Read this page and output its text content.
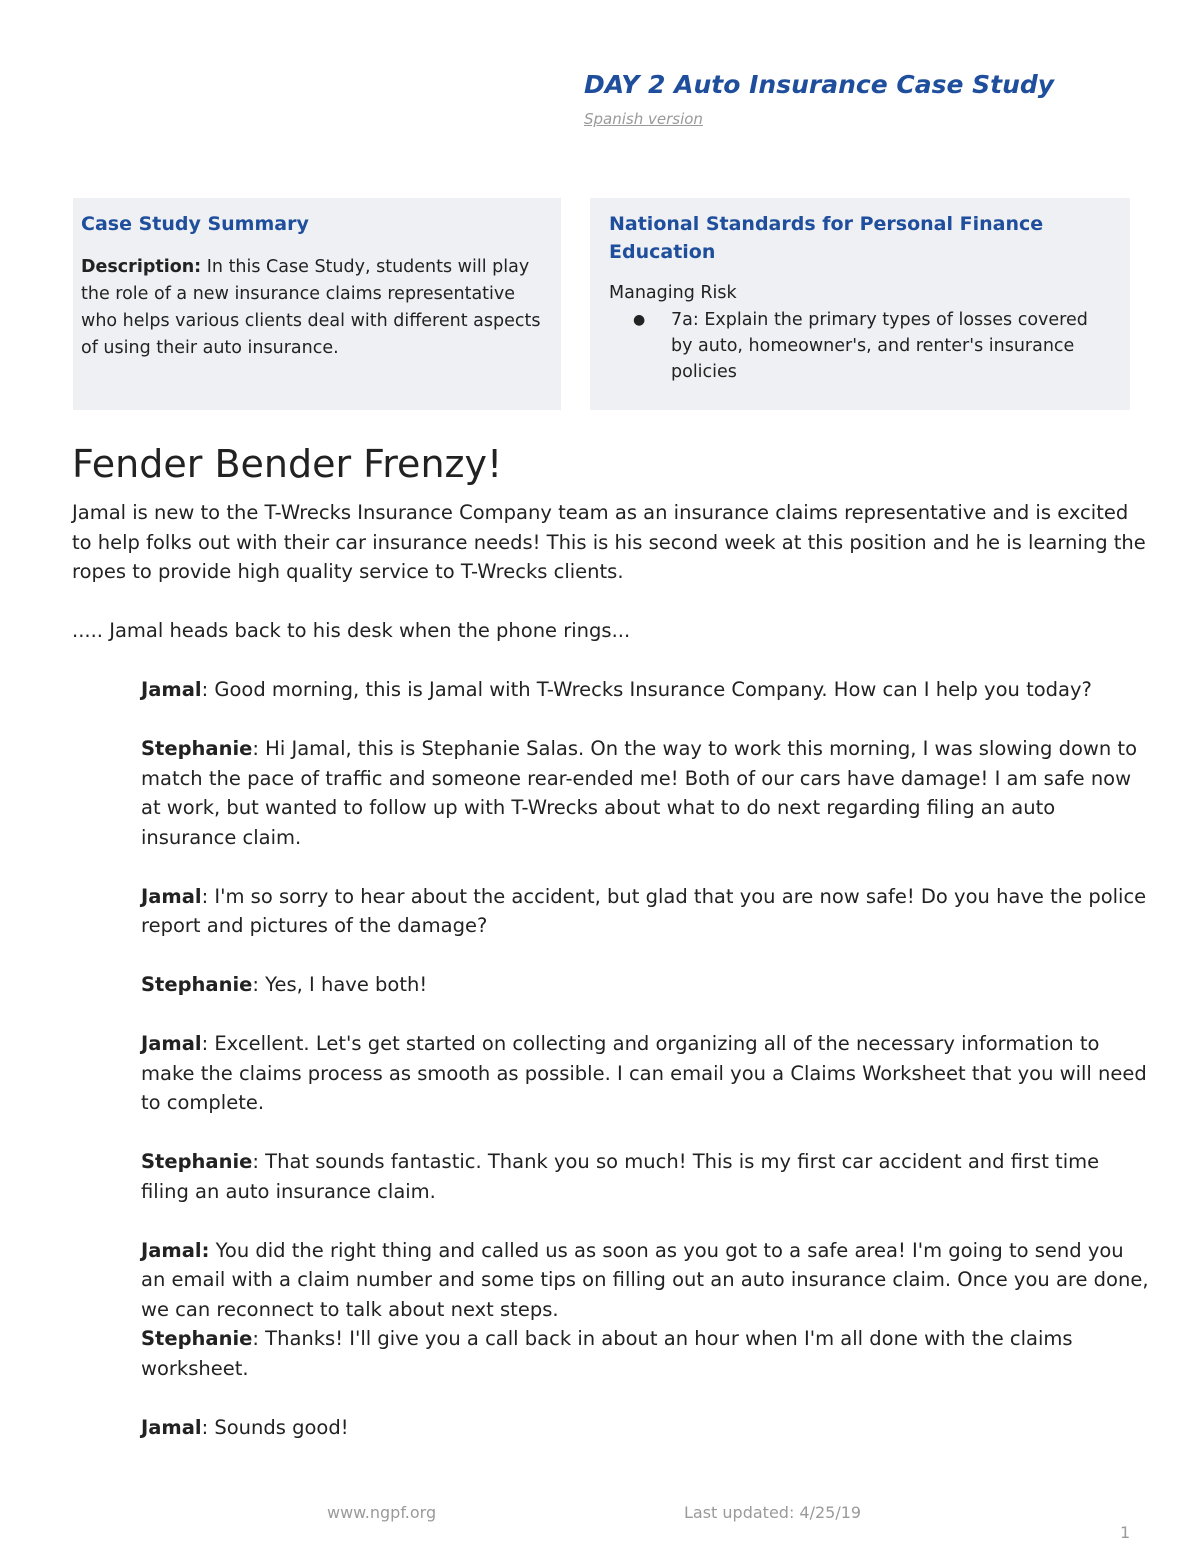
DAY 2 Auto Insurance Case Study
Spanish version
Case Study Summary

Description: In this Case Study, students will play the role of a new insurance claims representative who helps various clients deal with different aspects of using their auto insurance.

National Standards for Personal Finance Education

Managing Risk

● 7a: Explain the primary types of losses covered by auto, homeowner's, and renter's insurance policies
Fender Bender Frenzy!

Jamal is new to the T-Wrecks Insurance Company team as an insurance claims representative and is excited to help folks out with their car insurance needs! This is his second week at this position and he is learning the ropes to provide high quality service to T-Wrecks clients.

..... Jamal heads back to his desk when the phone rings...

Jamal: Good morning, this is Jamal with T-Wrecks Insurance Company. How can I help you today?

Stephanie: Hi Jamal, this is Stephanie Salas. On the way to work this morning, I was slowing down to match the pace of traffic and someone rear-ended me! Both of our cars have damage! I am safe now at work, but wanted to follow up with T-Wrecks about what to do next regarding filing an auto insurance claim.

Jamal: I'm so sorry to hear about the accident, but glad that you are now safe! Do you have the police report and pictures of the damage?

Stephanie: Yes, I have both!

Jamal: Excellent. Let's get started on collecting and organizing all of the necessary information to make the claims process as smooth as possible. I can email you a Claims Worksheet that you will need to complete.

Stephanie: That sounds fantastic. Thank you so much! This is my first car accident and first time filing an auto insurance claim.

Jamal: You did the right thing and called us as soon as you got to a safe area! I'm going to send you an email with a claim number and some tips on filling out an auto insurance claim. Once you are done, we can reconnect to talk about next steps.

Stephanie: Thanks! I'll give you a call back in about an hour when I'm all done with the claims worksheet.

Jamal: Sounds good!

www.ngpf.org	Last updated: 4/25/19
1
